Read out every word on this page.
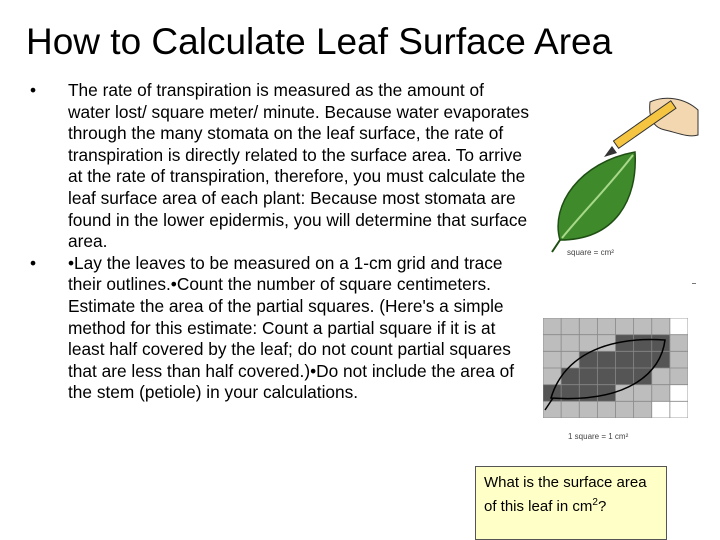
How to Calculate Leaf Surface Area
• The rate of transpiration is measured as the amount of water lost/ square meter/ minute. Because water evaporates through the many stomata on the leaf surface, the rate of transpiration is directly related to the surface area. To arrive at the rate of transpiration, therefore, you must calculate the leaf surface area of each plant: Because most stomata are found in the lower epidermis, you will determine that surface area.
• •Lay the leaves to be measured on a 1-cm grid and trace their outlines.•Count the number of square centimeters. Estimate the area of the partial squares. (Here's a simple method for this estimate: Count a partial square if it is at least half covered by the leaf; do not count partial squares that are less than half covered.)•Do not include the area of the stem (petiole) in your calculations.
square = cm²
1 square = 1 cm²
What is the surface area of this leaf in $cm^2$?
